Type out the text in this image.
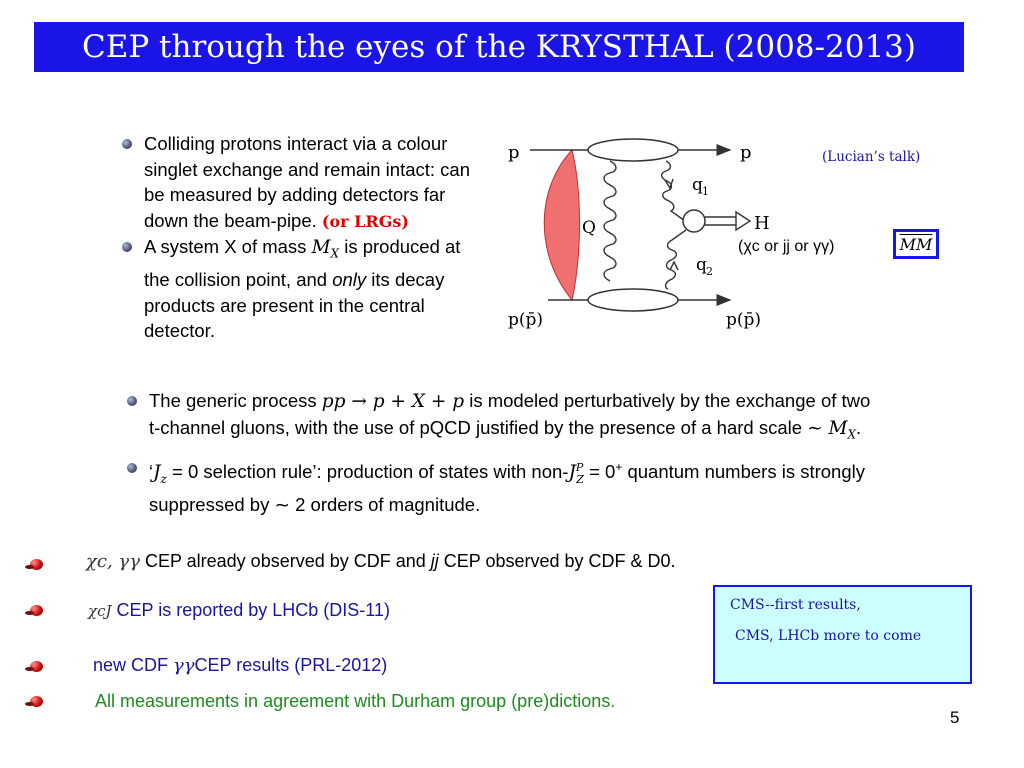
CEP through the eyes of the KRYSTHAL (2008-2013)
Colliding protons interact via a colour singlet exchange and remain intact: can be measured by adding detectors far down the beam-pipe. (or LRGs)
A system X of mass $M_X$ is produced at the collision point, and only its decay products are present in the central detector.
p	p
p(p̄)	p(p̄)
Q
q 1
q 2
H
(χc or jj or γγ)
(Lucian’s talk)
$\overline{MM}$
The generic process pp → p + X + p is modeled perturbatively by the exchange of two t-channel gluons, with the use of pQCD justified by the presence of a hard scale ∼ $M_X$.
‘$J_z = 0$ selection rule’: production of states with non-$J^P_Z = 0^+$ quantum numbers is strongly suppressed by ∼ 2 orders of magnitude.
χc, γγ CEP already observed by CDF and jj CEP observed by CDF & D0.
χcJ CEP is reported by LHCb (DIS-11)
new CDF γγCEP results (PRL-2012)
All measurements in agreement with Durham group (pre)dictions.
CMS--first results,
CMS, LHCb more to come
5
